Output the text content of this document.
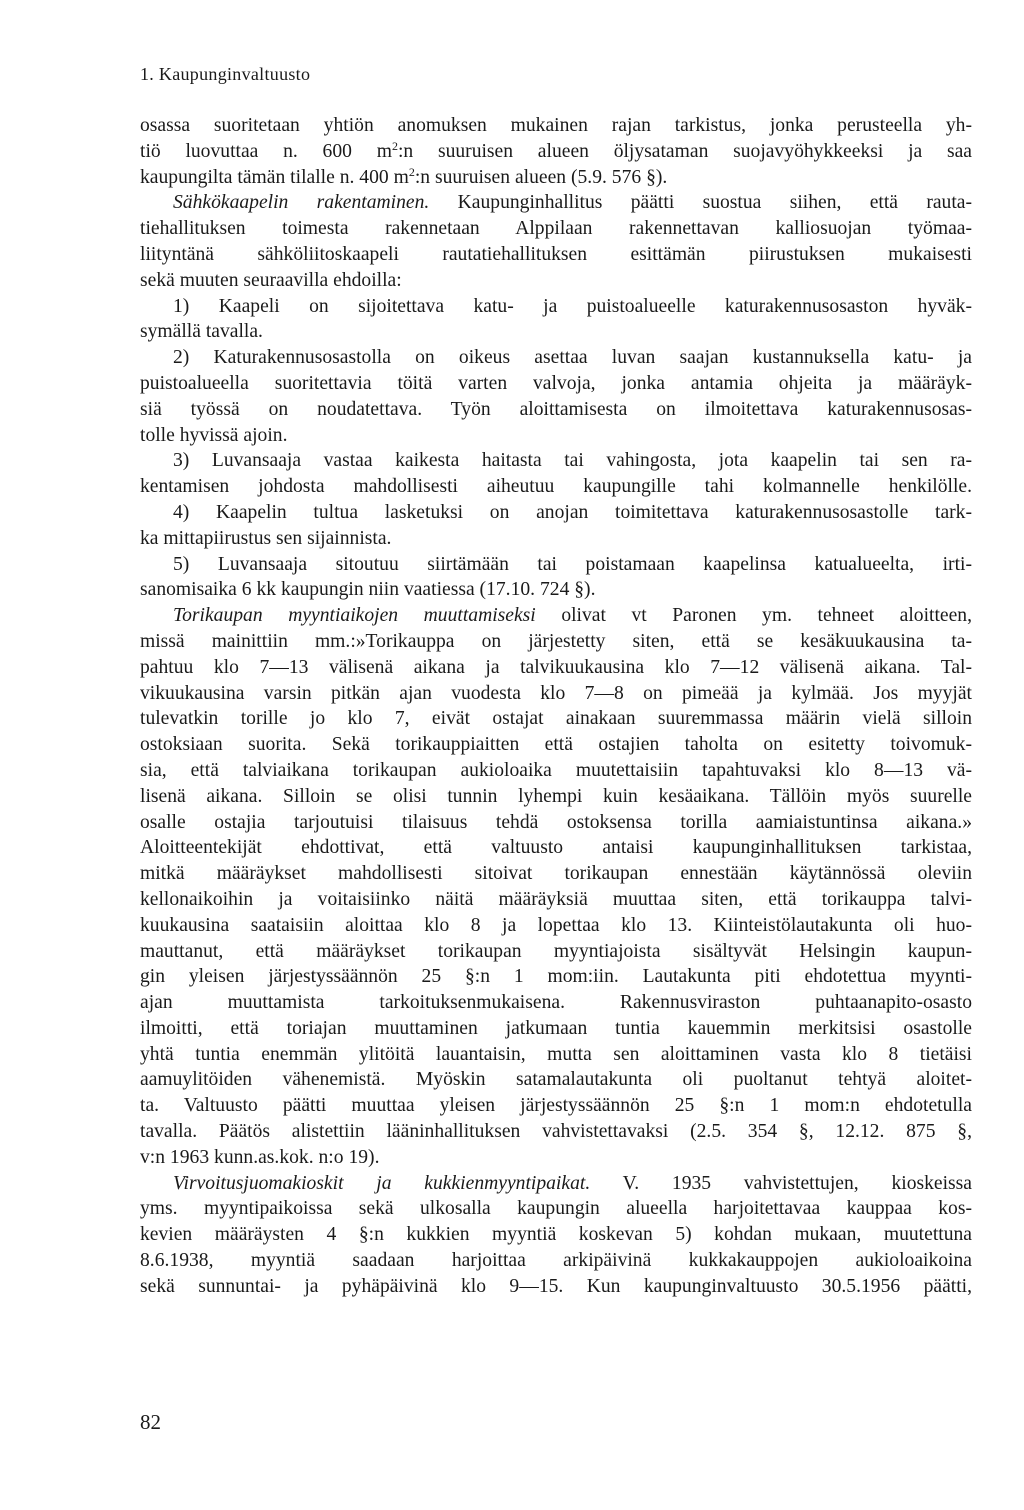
1. Kaupunginvaltuusto
osassa suoritetaan yhtiön anomuksen mukainen rajan tarkistus, jonka perusteella yh-
tiö luovuttaa n. 600 $m^2:n$ suuruisen alueen öljysataman suojavyöhykkeeksi ja saa
kaupungilta tämän tilalle n. 400 $m^2:n$ suuruisen alueen (5.9. 576 §).
Sähkökaapelin rakentaminen. Kaupunginhallitus päätti suostua siihen, että rauta-
tiehallituksen toimesta rakennetaan Alppilaan rakennettavan kalliosuojan työmaa-
liityntänä sähköliitoskaapeli rautatiehallituksen esittämän piirustuksen mukaisesti
sekä muuten seuraavilla ehdoilla:
1) Kaapeli on sijoitettava katu- ja puistoalueelle katurakennusosaston hyväk-
symällä tavalla.
2) Katurakennusosastolla on oikeus asettaa luvan saajan kustannuksella katu- ja
puistoalueella suoritettavia töitä varten valvoja, jonka antamia ohjeita ja määräyk-
siä työssä on noudatettava. Työn aloittamisesta on ilmoitettava katurakennusosas-
tolle hyvissä ajoin.
3) Luvansaaja vastaa kaikesta haitasta tai vahingosta, jota kaapelin tai sen ra-
kentamisen johdosta mahdollisesti aiheutuu kaupungille tahi kolmannelle henkilölle.
4) Kaapelin tultua lasketuksi on anojan toimitettava katurakennusosastolle tark-
ka mittapiirustus sen sijainnista.
5) Luvansaaja sitoutuu siirtämään tai poistamaan kaapelinsa katualueelta, irti-
sanomisaika 6 kk kaupungin niin vaatiessa (17.10. 724 §).
Torikaupan myyntiaikojen muuttamiseksi olivat vt Paronen ym. tehneet aloitteen,
missä mainittiin mm.:»Torikauppa on järjestetty siten, että se kesäkuukausina ta-
pahtuu klo 7—13 välisenä aikana ja talvikuukausina klo 7—12 välisenä aikana. Tal-
vikuukausina varsin pitkän ajan vuodesta klo 7—8 on pimeää ja kylmää. Jos myyjät
tulevatkin torille jo klo 7, eivät ostajat ainakaan suuremmassa määrin vielä silloin
ostoksiaan suorita. Sekä torikauppiaitten että ostajien taholta on esitetty toivomuk-
sia, että talviaikana torikaupan aukioloaika muutettaisiin tapahtuvaksi klo 8—13 vä-
lisenä aikana. Silloin se olisi tunnin lyhempi kuin kesäaikana. Tällöin myös suurelle
osalle ostajia tarjoutuisi tilaisuus tehdä ostoksensa torilla aamiaistuntinsa aikana.»
Aloitteentekijät ehdottivat, että valtuusto antaisi kaupunginhallituksen tarkistaa,
mitkä määräykset mahdollisesti sitoivat torikaupan ennestään käytännössä oleviin
kellonaikoihin ja voitaisiinko näitä määräyksiä muuttaa siten, että torikauppa talvi-
kuukausina saataisiin aloittaa klo 8 ja lopettaa klo 13. Kiinteistölautakunta oli huo-
mauttanut, että määräykset torikaupan myyntiajoista sisältyvät Helsingin kaupun-
gin yleisen järjestyssäännön 25 §:n 1 mom:iin. Lautakunta piti ehdotettua myynti-
ajan muuttamista tarkoituksenmukaisena. Rakennusviraston puhtaanapito-osasto
ilmoitti, että toriajan muuttaminen jatkumaan tuntia kauemmin merkitsisi osastolle
yhtä tuntia enemmän ylitöitä lauantaisin, mutta sen aloittaminen vasta klo 8 tietäisi
aamuylitöiden vähenemistä. Myöskin satamalautakunta oli puoltanut tehtyä aloitet-
ta. Valtuusto päätti muuttaa yleisen järjestyssäännön 25 §:n 1 mom:n ehdotetulla
tavalla. Päätös alistettiin lääninhallituksen vahvistettavaksi (2.5. 354 §, 12.12. 875 §,
v:n 1963 kunn.as.kok. n:o 19).
Virvoitusjuomakioskit ja kukkienmyyntipaikat. V. 1935 vahvistettujen, kioskeissa
yms. myyntipaikoissa sekä ulkosalla kaupungin alueella harjoitettavaa kauppaa kos-
kevien määräysten 4 §:n kukkien myyntiä koskevan 5) kohdan mukaan, muutettuna
8.6.1938, myyntiä saadaan harjoittaa arkipäivinä kukkakauppojen aukioloaikoina
sekä sunnuntai- ja pyhäpäivinä klo 9—15. Kun kaupunginvaltuusto 30.5.1956 päätti,
82
